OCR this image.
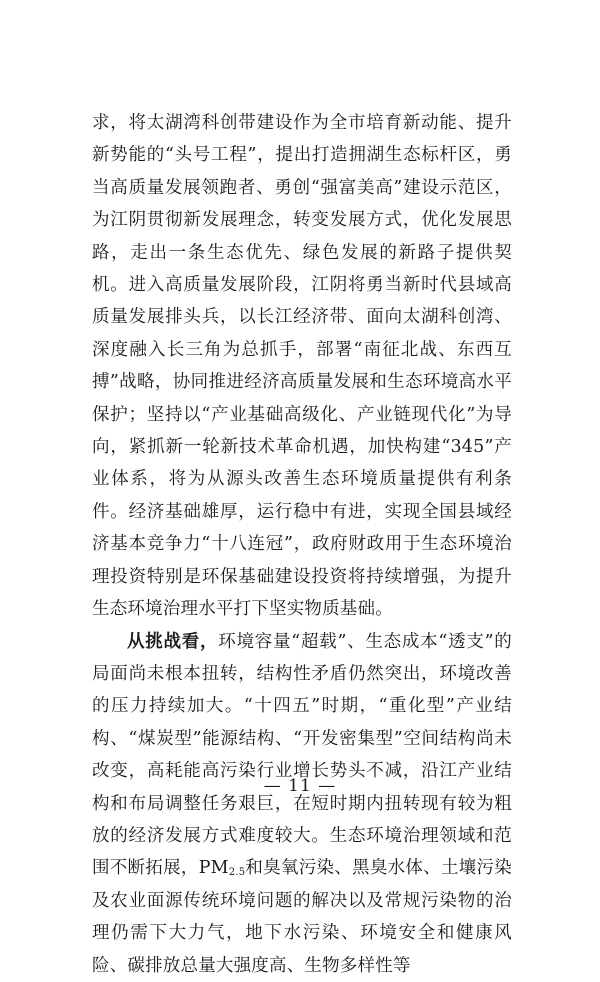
求，将太湖湾科创带建设作为全市培育新动能、提升新势能的“头号工程”，提出打造拥湖生态标杆区，勇当高质量发展领跑者、勇创“强富美高”建设示范区，为江阴贯彻新发展理念，转变发展方式，优化发展思路，走出一条生态优先、绿色发展的新路子提供契机。进入高质量发展阶段，江阴将勇当新时代县域高质量发展排头兵，以长江经济带、面向太湖科创湾、深度融入长三角为总抓手，部署“南征北战、东西互搏”战略，协同推进经济高质量发展和生态环境高水平保护；坚持以“产业基础高级化、产业链现代化”为导向，紧抓新一轮新技术革命机遇，加快构建“345”产业体系，将为从源头改善生态环境质量提供有利条件。经济基础雄厚，运行稳中有进，实现全国县域经济基本竞争力“十八连冠”，政府财政用于生态环境治理投资特别是环保基础建设投资将持续增强，为提升生态环境治理水平打下坚实物质基础。

从挑战看，环境容量“超载”、生态成本“透支”的局面尚未根本扭转，结构性矛盾仍然突出，环境改善的压力持续加大。“十四五”时期，“重化型”产业结构、“煤炭型”能源结构、“开发密集型”空间结构尚未改变，高耗能高污染行业增长势头不减，沿江产业结构和布局调整任务艰巨，在短时期内扭转现有较为粗放的经济发展方式难度较大。生态环境治理领域和范围不断拓展，$PM_{2.5}$和臭氧污染、黑臭水体、土壤污染及农业面源传统环境问题的解决以及常规污染物的治理仍需下大力气，地下水污染、环境安全和健康风险、碳排放总量大强度高、生物多样性等

— 11 —
